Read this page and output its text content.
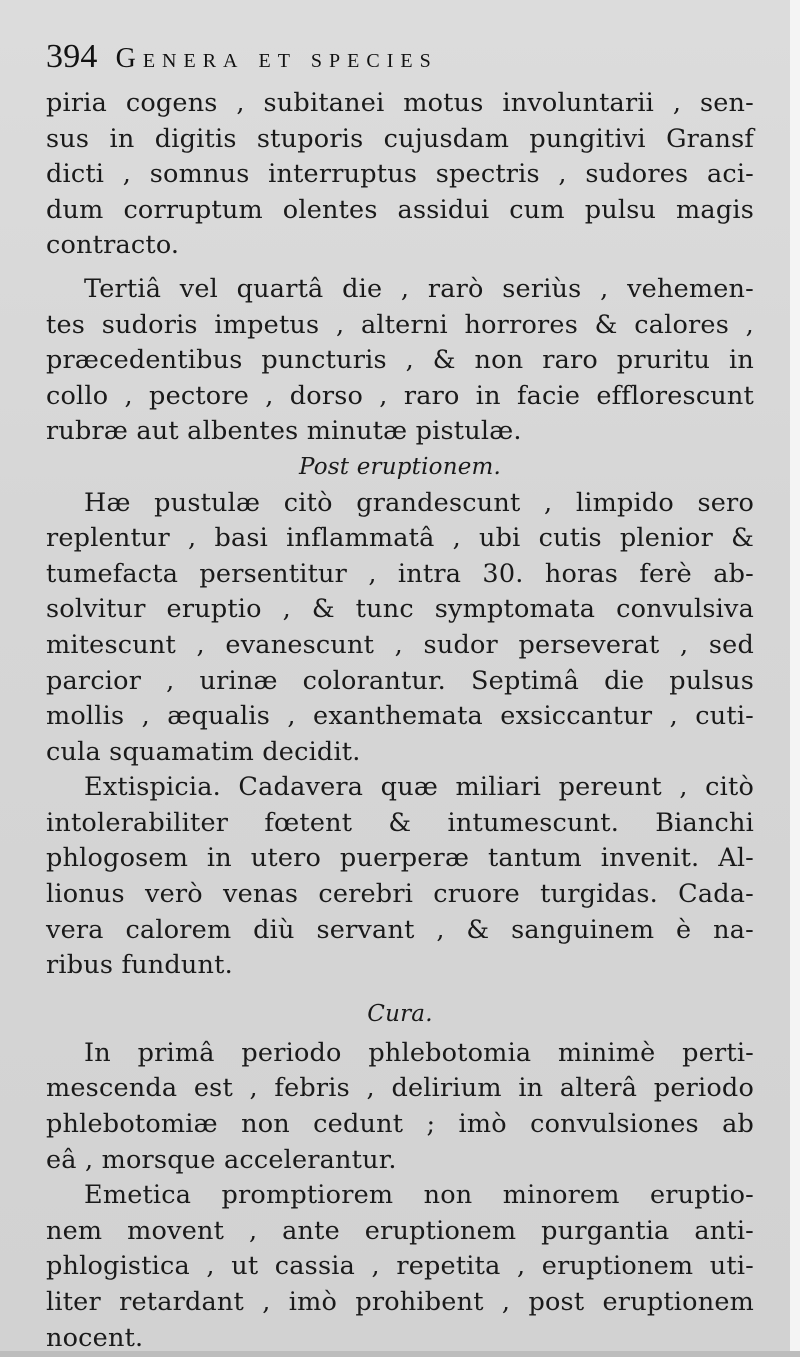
394 Genera et species
piria cogens , subitanei motus involuntarii , sen-
sus in digitis stuporis cujusdam pungitivi Gransf
dicti , somnus interruptus spectris , sudores aci-
dum corruptum olentes assidui cum pulsu magis
contracto.
Tertiâ vel quartâ die , rarò seriùs , vehemen-
tes sudoris impetus , alterni horrores & calores ,
præcedentibus puncturis , & non raro pruritu in
collo , pectore , dorso , raro in facie efflorescunt
rubræ aut albentes minutæ pistulæ.
Post eruptionem.
Hæ pustulæ citò grandescunt , limpido sero
replentur , basi inflammatâ , ubi cutis plenior &
tumefacta persentitur , intra 30. horas ferè ab-
solvitur eruptio , & tunc symptomata convulsiva
mitescunt , evanescunt , sudor perseverat , sed
parcior , urinæ colorantur. Septimâ die pulsus
mollis , æqualis , exanthemata exsiccantur , cuti-
cula squamatim decidit.
Extispicia. Cadavera quæ miliari pereunt , citò
intolerabiliter fœtent & intumescunt. Bianchi
phlogosem in utero puerperæ tantum invenit. Al-
lionus verò venas cerebri cruore turgidas. Cada-
vera calorem diù servant , & sanguinem è na-
ribus fundunt.
Cura.
In primâ periodo phlebotomia minimè perti-
mescenda est , febris , delirium in alterâ periodo
phlebotomiæ non cedunt ; imò convulsiones ab
eâ , morsque accelerantur.
Emetica promptiorem non minorem eruptio-
nem movent , ante eruptionem purgantia anti-
phlogistica , ut cassia , repetita , eruptionem uti-
liter retardant , imò prohibent , post eruptionem
nocent.
